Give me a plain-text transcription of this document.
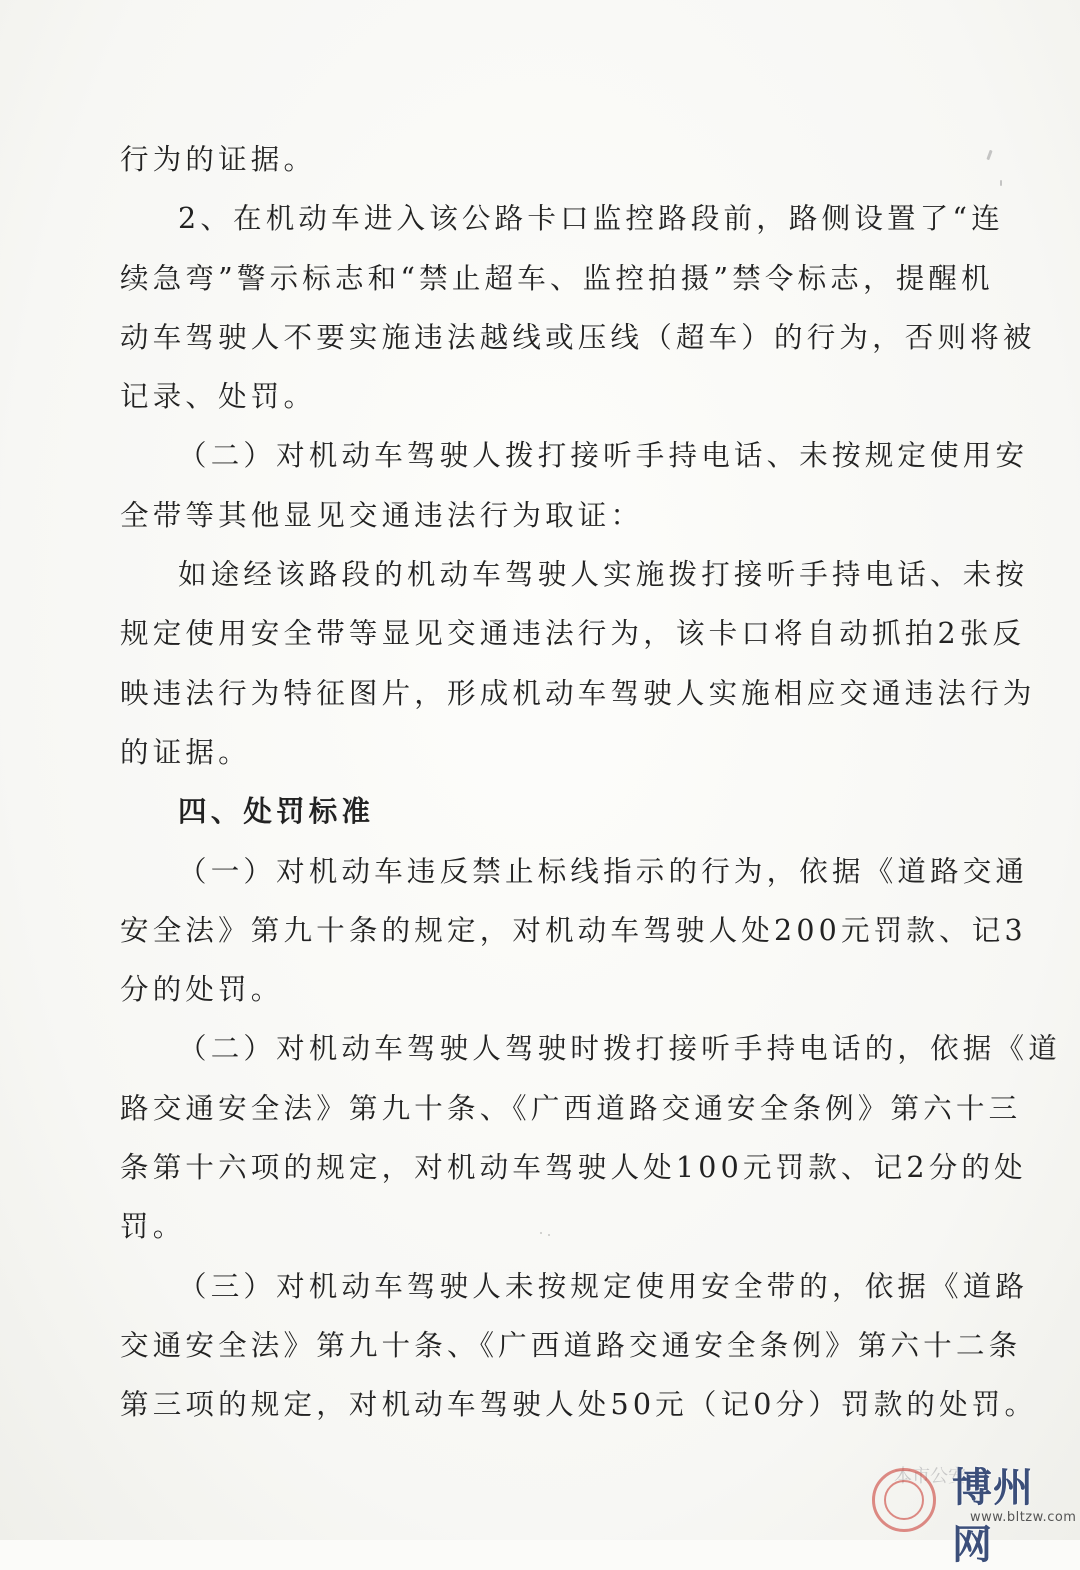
行为的证据。
2、在机动车进入该公路卡口监控路段前，路侧设置了“连
续急弯”警示标志和“禁止超车、监控拍摄”禁令标志，提醒机
动车驾驶人不要实施违法越线或压线（超车）的行为，否则将被
记录、处罚。
（二）对机动车驾驶人拨打接听手持电话、未按规定使用安
全带等其他显见交通违法行为取证：
如途经该路段的机动车驾驶人实施拨打接听手持电话、未按
规定使用安全带等显见交通违法行为，该卡口将自动抓拍2张反
映违法行为特征图片，形成机动车驾驶人实施相应交通违法行为
的证据。
四、处罚标准
（一）对机动车违反禁止标线指示的行为，依据《道路交通
安全法》第九十条的规定，对机动车驾驶人处200元罚款、记3
分的处罚。
（二）对机动车驾驶人驾驶时拨打接听手持电话的，依据《道
路交通安全法》第九十条、《广西道路交通安全条例》第六十三
条第十六项的规定，对机动车驾驶人处100元罚款、记2分的处
罚。
（三）对机动车驾驶人未按规定使用安全带的，依据《道路
交通安全法》第九十条、《广西道路交通安全条例》第六十二条
第三项的规定，对机动车驾驶人处50元（记0分）罚款的处罚。
本市公安
博州网
www.bltzw.com
